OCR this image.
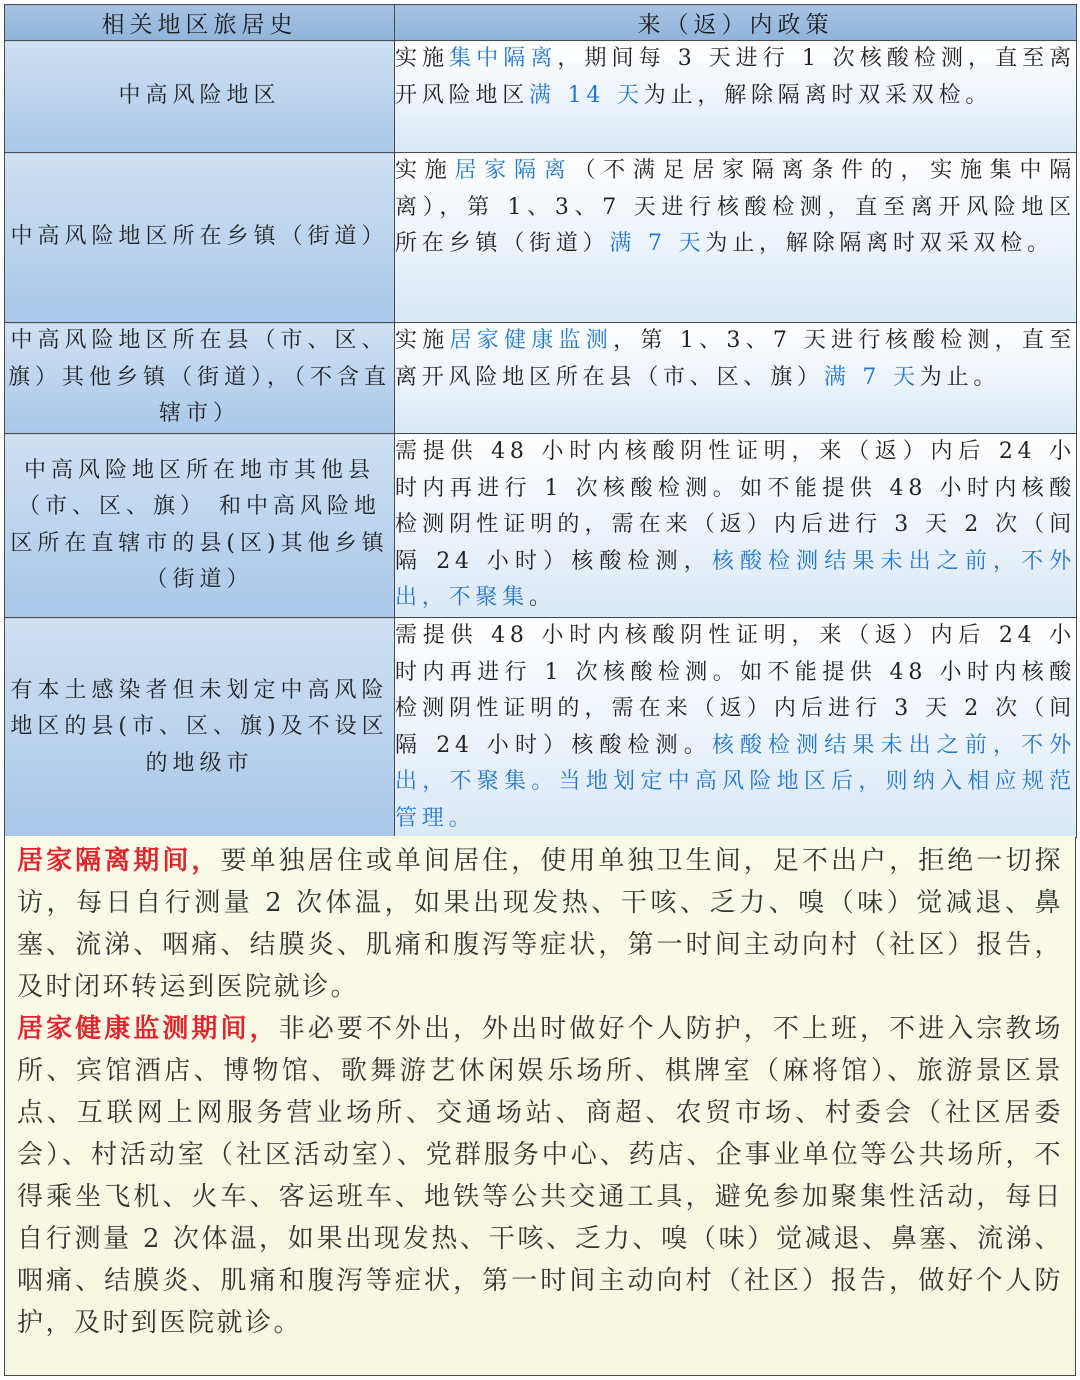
相关地区旅居史	来（返）内政策
中高风险地区	实施集中隔离，期间每 3 天进行 1 次核酸检测，直至离开风险地区满 14 天为止，解除隔离时双采双检。
中高风险地区所在乡镇（街道）	实施居家隔离（不满足居家隔离条件的，实施集中隔离），第 1、3、7 天进行核酸检测，直至离开风险地区所在乡镇（街道）满 7 天为止，解除隔离时双采双检。
中高风险地区所在县（市、区、旗）其他乡镇（街道），（不含直辖市）	实施居家健康监测，第 1、3、7 天进行核酸检测，直至离开风险地区所在县（市、区、旗）满 7 天为止。
中高风险地区所在地市其他县（市、区、旗） 和中高风险地区所在直辖市的县(区)其他乡镇（街道）	需提供 48 小时内核酸阴性证明，来（返）内后 24 小时内再进行 1 次核酸检测。如不能提供 48 小时内核酸检测阴性证明的，需在来（返）内后进行 3 天 2 次（间隔 24 小时）核酸检测，核酸检测结果未出之前，不外出，不聚集。
有本土感染者但未划定中高风险地区的县(市、区、旗)及不设区的地级市	需提供 48 小时内核酸阴性证明，来（返）内后 24 小时内再进行 1 次核酸检测。如不能提供 48 小时内核酸检测阴性证明的，需在来（返）内后进行 3 天 2 次（间隔 24 小时）核酸检测。核酸检测结果未出之前，不外出，不聚集。当地划定中高风险地区后，则纳入相应规范管理。

居家隔离期间，要单独居住或单间居住，使用单独卫生间，足不出户，拒绝一切探访，每日自行测量 2 次体温，如果出现发热、干咳、乏力、嗅（味）觉减退、鼻塞、流涕、咽痛、结膜炎、肌痛和腹泻等症状，第一时间主动向村（社区）报告，及时闭环转运到医院就诊。

居家健康监测期间，非必要不外出，外出时做好个人防护，不上班，不进入宗教场所、宾馆酒店、博物馆、歌舞游艺休闲娱乐场所、棋牌室（麻将馆）、旅游景区景点、互联网上网服务营业场所、交通场站、商超、农贸市场、村委会（社区居委会）、村活动室（社区活动室）、党群服务中心、药店、企事业单位等公共场所，不得乘坐飞机、火车、客运班车、地铁等公共交通工具，避免参加聚集性活动，每日自行测量 2 次体温，如果出现发热、干咳、乏力、嗅（味）觉减退、鼻塞、流涕、咽痛、结膜炎、肌痛和腹泻等症状，第一时间主动向村（社区）报告，做好个人防护，及时到医院就诊。
